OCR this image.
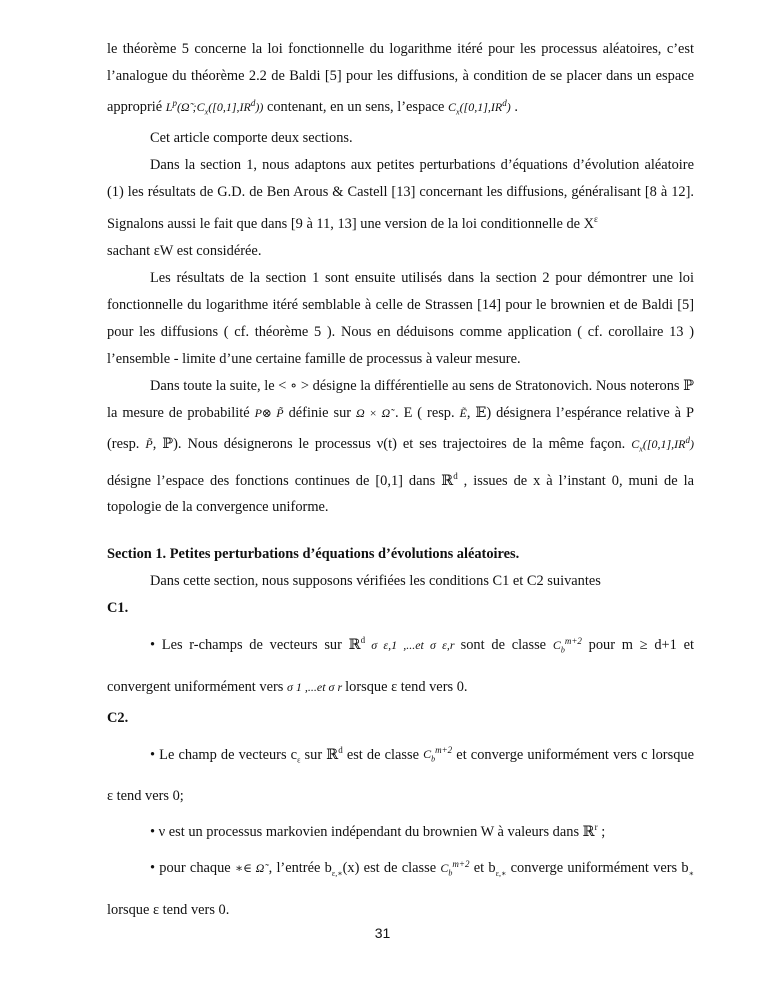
le théorème 5 concerne la loi fonctionnelle du logarithme itéré pour les processus aléatoires, c’est l’analogue du théorème 2.2 de Baldi [5] pour les diffusions, à condition de se placer dans un espace approprié $L^p(\Omegã$ $;C_x([0,1],IR^d)$) contenant, en un sens, l’espace $C_x([0,1],IR^d)$ .

Cet article comporte deux sections.

Dans la section 1, nous adaptons aux petites perturbations d’équations d’évolution aléatoire (1) les résultats de G.D. de Ben Arous & Castell [13] concernant les diffusions, généralisant [8 à 12]. Signalons aussi le fait que dans [9 à 11, 13] une version de la loi conditionnelle de $X^\varepsilon$
sachant εW est considérée.

Les résultats de la section 1 sont ensuite utilisés dans la section 2 pour démontrer une loi fonctionnelle du logarithme itéré semblable à celle de Strassen [14] pour le brownien et de Baldi [5] pour les diffusions ( cf. théorème 5 ). Nous en déduisons comme application ( cf. corollaire 13 ) l’ensemble - limite d’une certaine famille de processus à valeur mesure.

Dans toute la suite, le < ∘ > désigne la différentielle au sens de Stratonovich. Nous noterons ℙ la mesure de probabilité P⊗ P̃ définie sur Ω × Ω̃ . E ( resp. Ẽ, 𝔼) désignera l’espérance relative à P (resp. P̃, ℙ). Nous désignerons le processus ν(t) et ses trajectoires de la même façon. $C_x([0,1],IR^d)$ désigne l’espace des fonctions continues de [0,1] dans ℝ$^d$ , issues de x à l’instant 0, muni de la topologie de la convergence uniforme.

Section 1. Petites perturbations d’équations d’évolutions aléatoires.

Dans cette section, nous supposons vérifiées les conditions C1 et C2 suivantes

C1.

• Les r-champs de vecteurs sur ℝ$^d$ σ ε,1 ,...et σ ε,r sont de classe $C_b^{m+2}$ pour m ≥ d+1 et convergent uniformément vers σ 1 ,...et σ r lorsque ε tend vers 0.

C2.

• Le champ de vecteurs $c_\varepsilon$ sur ℝ$^d$ est de classe $C_b^{m+2}$ et converge uniformément vers c lorsque ε tend vers 0;

• ν est un processus markovien indépendant du brownien W à valeurs dans ℝ$^r$ ;

• pour chaque ∗∈ Ω̃ , l’entrée $b_{\varepsilon,∗}(x)$ est de classe $C_b^{m+2}$ et $b_{\varepsilon,∗}$ converge uniformément vers $b_∗$ lorsque ε tend vers 0.

31
